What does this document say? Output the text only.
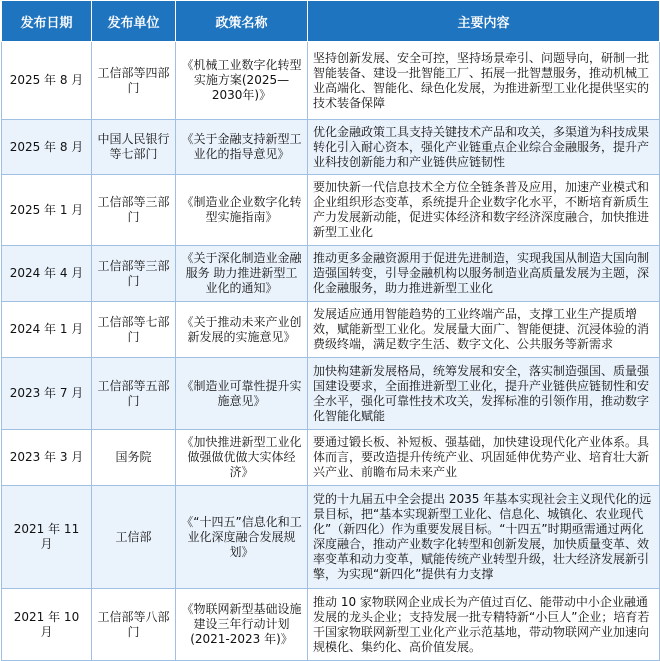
发布日期	发布单位	政策名称	主要内容
2025 年 8 月	工信部等四部门	《机械工业数字化转型实施方案(2025—2030年)》	坚持创新发展、安全可控，坚持场景牵引、问题导向，研制一批智能装备、建设一批智能工厂、拓展一批智慧服务，推动机械工业高端化、智能化、绿色化发展，为推进新型工业化提供坚实的技术装备保障
2025 年 8 月	中国人民银行等七部门	《关于金融支持新型工业化的指导意见》	优化金融政策工具支持关键技术产品和攻关，多渠道为科技成果转化引入耐心资本，强化产业链重点企业综合金融服务，提升产业科技创新能力和产业链供应链韧性
2025 年 1 月	工信部等三部门	《制造业企业数字化转型实施指南》	要加快新一代信息技术全方位全链条普及应用，加速产业模式和企业组织形态变革，系统提升企业数字化水平，不断培育新质生产力发展新动能，促进实体经济和数字经济深度融合，加快推进新型工业化
2024 年 4 月	工信部等三部门	《关于深化制造业金融服务 助力推进新型工业化的通知》	推动更多金融资源用于促进先进制造，实现我国从制造大国向制造强国转变，引导金融机构以服务制造业高质量发展为主题，深化金融服务，助力推进新型工业化
2024 年 1 月	工信部等七部门	《关于推动未来产业创新发展的实施意见》	发展适应通用智能趋势的工业终端产品，支撑工业生产提质增效，赋能新型工业化。发展量大面广、智能便捷、沉浸体验的消费级终端，满足数字生活、数字文化、公共服务等新需求
2023 年 7 月	工信部等五部门	《制造业可靠性提升实施意见》	加快构建新发展格局，统筹发展和安全，落实制造强国、质量强国建设要求，全面推进新型工业化，提升产业链供应链韧性和安全水平，强化可靠性技术攻关，发挥标准的引领作用，推动数字化智能化赋能
2023 年 3 月	国务院	《加快推进新型工业化 做强做优做大实体经济》	要通过锻长板、补短板、强基础，加快建设现代化产业体系。具体而言，要改造提升传统产业、巩固延伸优势产业、培育壮大新兴产业、前瞻布局未来产业
2021 年 11 月	工信部	《“十四五”信息化和工业化深度融合发展规划》	党的十九届五中全会提出 2035 年基本实现社会主义现代化的远景目标，把“基本实现新型工业化、信息化、城镇化、农业现代化”（新四化）作为重要发展目标。“十四五”时期亟需通过两化深度融合，推动产业数字化转型和创新发展，加快质量变革、效率变革和动力变革，赋能传统产业转型升级，壮大经济发展新引擎，为实现“新四化”提供有力支撑
2021 年 10 月	工信部等八部门	《物联网新型基础设施建设三年行动计划(2021-2023 年)》	推动 10 家物联网企业成长为产值过百亿、能带动中小企业融通发展的龙头企业；支持发展一批专精特新“小巨人”企业；培育若干国家物联网新型工业化产业示范基地，带动物联网产业加速向规模化、集约化、高价值发展。
